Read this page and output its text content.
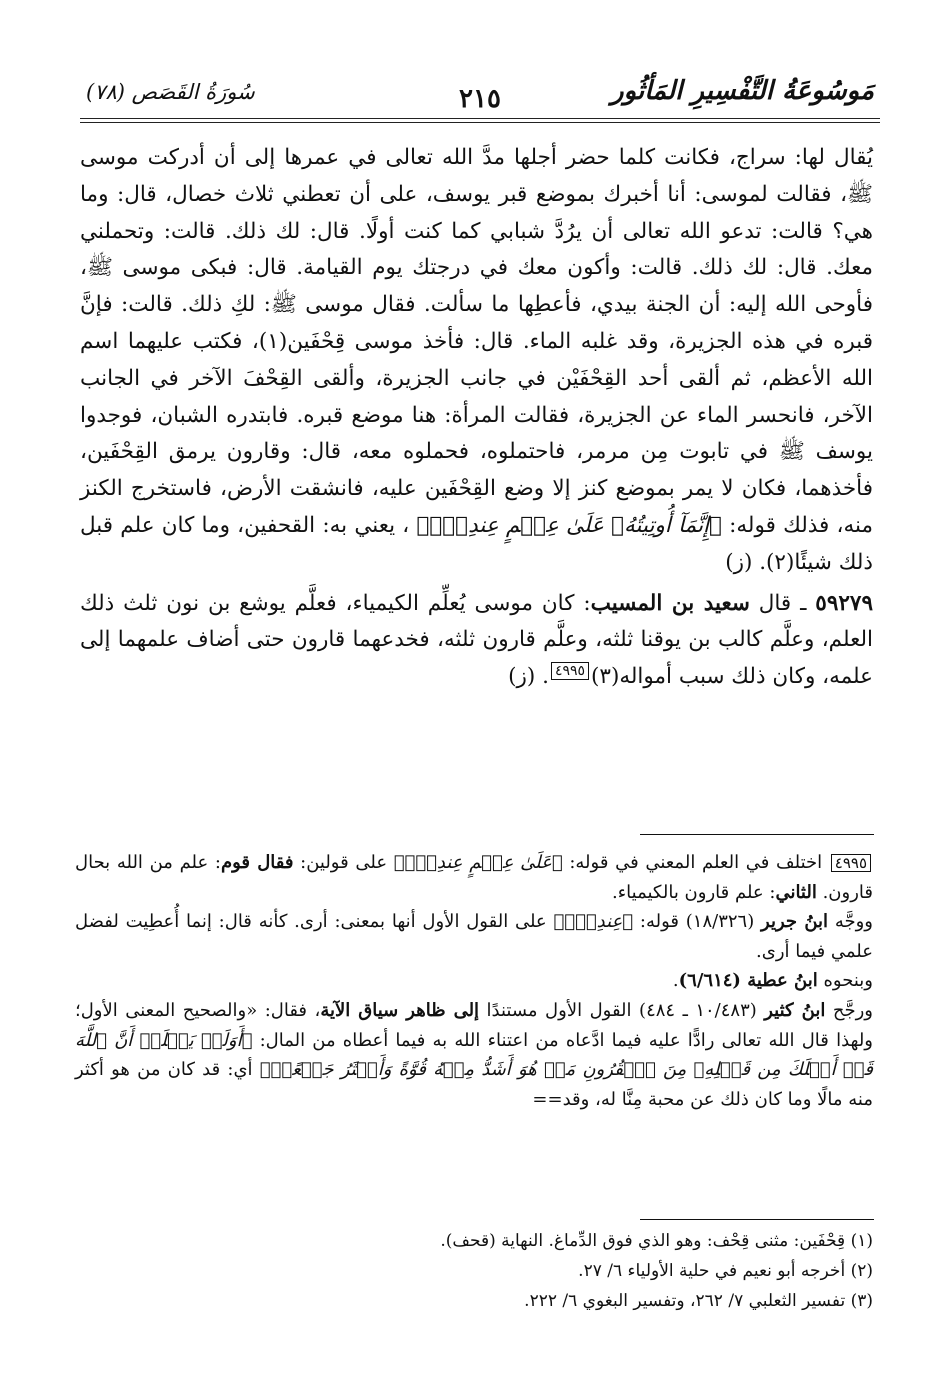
مَوسُوعَةُ التَّفْسِيرِ المَأثُور
٢١٥
سُورَةُ القَصَص (٧٨)

يُقال لها: سراج، فكانت كلما حضر أجلها مدَّ الله تعالى في عمرها إلى أن أدركت موسى ﷺ، فقالت لموسى: أنا أخبرك بموضع قبر يوسف، على أن تعطني ثلاث خصال، قال: وما هي؟ قالت: تدعو الله تعالى أن يرُدَّ شبابي كما كنت أولًا. قال: لك ذلك. قالت: وتحملني معك. قال: لك ذلك. قالت: وأكون معك في درجتك يوم القيامة. قال: فبكى موسى ﷺ، فأوحى الله إليه: أن الجنة بيدي، فأعطِها ما سألت. فقال موسى ﷺ: لكِ ذلك. قالت: فإنَّ قبره في هذه الجزيرة، وقد غلبه الماء. قال: فأخذ موسى قِحْفَين(١)، فكتب عليهما اسم الله الأعظم، ثم ألقى أحد القِحْفَيْن في جانب الجزيرة، وألقى القِحْفَ الآخر في الجانب الآخر، فانحسر الماء عن الجزيرة، فقالت المرأة: هنا موضع قبره. فابتدره الشبان، فوجدوا يوسف ﷺ في تابوت مِن مرمر، فاحتملوه، فحملوه معه، قال: وقارون يرمق القِحْفَين، فأخذهما، فكان لا يمر بموضع كنز إلا وضع القِحْفَين عليه، فانشقت الأرض، فاستخرج الكنز منه، فذلك قوله: ﴿إِنَّمَآ أُوتِيتُهُۥ عَلَىٰ عِلۡمٍ عِندِيٓۚ﴾ ، يعني به: القحفين، وما كان علم قبل ذلك شيئًا(٢). (ز)

٥٩٢٧٩ ـ قال سعيد بن المسيب: كان موسى يُعلِّم الكيمياء، فعلَّم يوشع بن نون ثلث ذلك العلم، وعلَّم كالب بن يوقنا ثلثه، وعلَّم قارون ثلثه، فخدعهما قارون حتى أضاف علمهما إلى علمه، وكان ذلك سبب أمواله(٣)٤٩٩٥. (ز)

٤٩٩٥ اختلف في العلم المعني في قوله: ﴿عَلَىٰ عِلۡمٍ عِندِيٓۚ﴾ على قولين: فقال قوم: علم من الله بحال قارون. الثاني: علم قارون بالكيمياء.

ووجَّه ابنُ جرير (١٨/٣٢٦) قوله: ﴿عِندِيٓۚ﴾ على القول الأول أنها بمعنى: أرى. كأنه قال: إنما أُعطِيت لفضل علمي فيما أرى.

وبنحوه ابنُ عطية (٦/٦١٤).

ورجَّح ابنُ كثير (١٠/٤٨٣ ـ ٤٨٤) القول الأول مستندًا إلى ظاهر سياق الآية، فقال: «والصحيح المعنى الأول؛ ولهذا قال الله تعالى رادًّا عليه فيما ادَّعاه من اعتناء الله به فيما أعطاه من المال: ﴿أَوَلَمۡ يَعۡلَمۡ أَنَّ ٱللَّهَ قَدۡ أَهۡلَكَ مِن قَبۡلِهِۦ مِنَ ٱلۡقُرُونِ مَنۡ هُوَ أَشَدُّ مِنۡهُ قُوَّةً وَأَكۡثَرُ جَمۡعًاۚ﴾ أي: قد كان من هو أكثر منه مالًا وما كان ذلك عن محبة مِنَّا له، وقد==

(١) قِحْفَين: مثنى قِحْف: وهو الذي فوق الدِّماغ. النهاية (قحف).

(٢) أخرجه أبو نعيم في حلية الأولياء ٦/ ٢٧.

(٣) تفسير الثعلبي ٧/ ٢٦٢، وتفسير البغوي ٦/ ٢٢٢.
